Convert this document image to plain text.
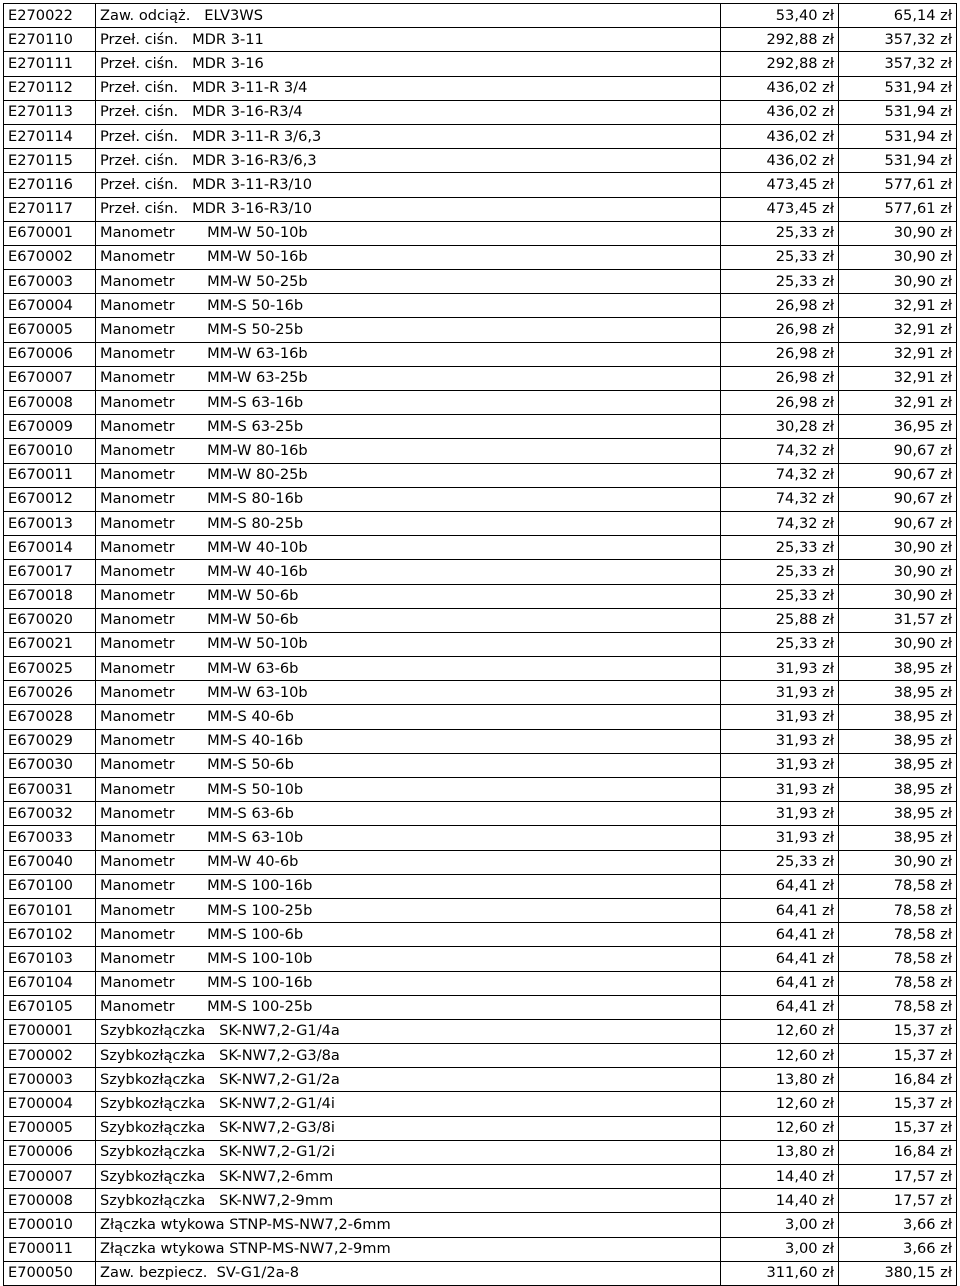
E270022	Zaw. odciąż.   ELV3WS	53,40 zł	65,14 zł
E270110	Przeł. ciśn.   MDR 3-11	292,88 zł	357,32 zł
E270111	Przeł. ciśn.   MDR 3-16	292,88 zł	357,32 zł
E270112	Przeł. ciśn.   MDR 3-11-R 3/4	436,02 zł	531,94 zł
E270113	Przeł. ciśn.   MDR 3-16-R3/4	436,02 zł	531,94 zł
E270114	Przeł. ciśn.   MDR 3-11-R 3/6,3	436,02 zł	531,94 zł
E270115	Przeł. ciśn.   MDR 3-16-R3/6,3	436,02 zł	531,94 zł
E270116	Przeł. ciśn.   MDR 3-11-R3/10	473,45 zł	577,61 zł
E270117	Przeł. ciśn.   MDR 3-16-R3/10	473,45 zł	577,61 zł
E670001	Manometr       MM-W 50-10b	25,33 zł	30,90 zł
E670002	Manometr       MM-W 50-16b	25,33 zł	30,90 zł
E670003	Manometr       MM-W 50-25b	25,33 zł	30,90 zł
E670004	Manometr       MM-S 50-16b	26,98 zł	32,91 zł
E670005	Manometr       MM-S 50-25b	26,98 zł	32,91 zł
E670006	Manometr       MM-W 63-16b	26,98 zł	32,91 zł
E670007	Manometr       MM-W 63-25b	26,98 zł	32,91 zł
E670008	Manometr       MM-S 63-16b	26,98 zł	32,91 zł
E670009	Manometr       MM-S 63-25b	30,28 zł	36,95 zł
E670010	Manometr       MM-W 80-16b	74,32 zł	90,67 zł
E670011	Manometr       MM-W 80-25b	74,32 zł	90,67 zł
E670012	Manometr       MM-S 80-16b	74,32 zł	90,67 zł
E670013	Manometr       MM-S 80-25b	74,32 zł	90,67 zł
E670014	Manometr       MM-W 40-10b	25,33 zł	30,90 zł
E670017	Manometr       MM-W 40-16b	25,33 zł	30,90 zł
E670018	Manometr       MM-W 50-6b	25,33 zł	30,90 zł
E670020	Manometr       MM-W 50-6b	25,88 zł	31,57 zł
E670021	Manometr       MM-W 50-10b	25,33 zł	30,90 zł
E670025	Manometr       MM-W 63-6b	31,93 zł	38,95 zł
E670026	Manometr       MM-W 63-10b	31,93 zł	38,95 zł
E670028	Manometr       MM-S 40-6b	31,93 zł	38,95 zł
E670029	Manometr       MM-S 40-16b	31,93 zł	38,95 zł
E670030	Manometr       MM-S 50-6b	31,93 zł	38,95 zł
E670031	Manometr       MM-S 50-10b	31,93 zł	38,95 zł
E670032	Manometr       MM-S 63-6b	31,93 zł	38,95 zł
E670033	Manometr       MM-S 63-10b	31,93 zł	38,95 zł
E670040	Manometr       MM-W 40-6b	25,33 zł	30,90 zł
E670100	Manometr       MM-S 100-16b	64,41 zł	78,58 zł
E670101	Manometr       MM-S 100-25b	64,41 zł	78,58 zł
E670102	Manometr       MM-S 100-6b	64,41 zł	78,58 zł
E670103	Manometr       MM-S 100-10b	64,41 zł	78,58 zł
E670104	Manometr       MM-S 100-16b	64,41 zł	78,58 zł
E670105	Manometr       MM-S 100-25b	64,41 zł	78,58 zł
E700001	Szybkozłączka   SK-NW7,2-G1/4a	12,60 zł	15,37 zł
E700002	Szybkozłączka   SK-NW7,2-G3/8a	12,60 zł	15,37 zł
E700003	Szybkozłączka   SK-NW7,2-G1/2a	13,80 zł	16,84 zł
E700004	Szybkozłączka   SK-NW7,2-G1/4i	12,60 zł	15,37 zł
E700005	Szybkozłączka   SK-NW7,2-G3/8i	12,60 zł	15,37 zł
E700006	Szybkozłączka   SK-NW7,2-G1/2i	13,80 zł	16,84 zł
E700007	Szybkozłączka   SK-NW7,2-6mm	14,40 zł	17,57 zł
E700008	Szybkozłączka   SK-NW7,2-9mm	14,40 zł	17,57 zł
E700010	Złączka wtykowa STNP-MS-NW7,2-6mm	3,00 zł	3,66 zł
E700011	Złączka wtykowa STNP-MS-NW7,2-9mm	3,00 zł	3,66 zł
E700050	Zaw. bezpiecz.  SV-G1/2a-8	311,60 zł	380,15 zł
